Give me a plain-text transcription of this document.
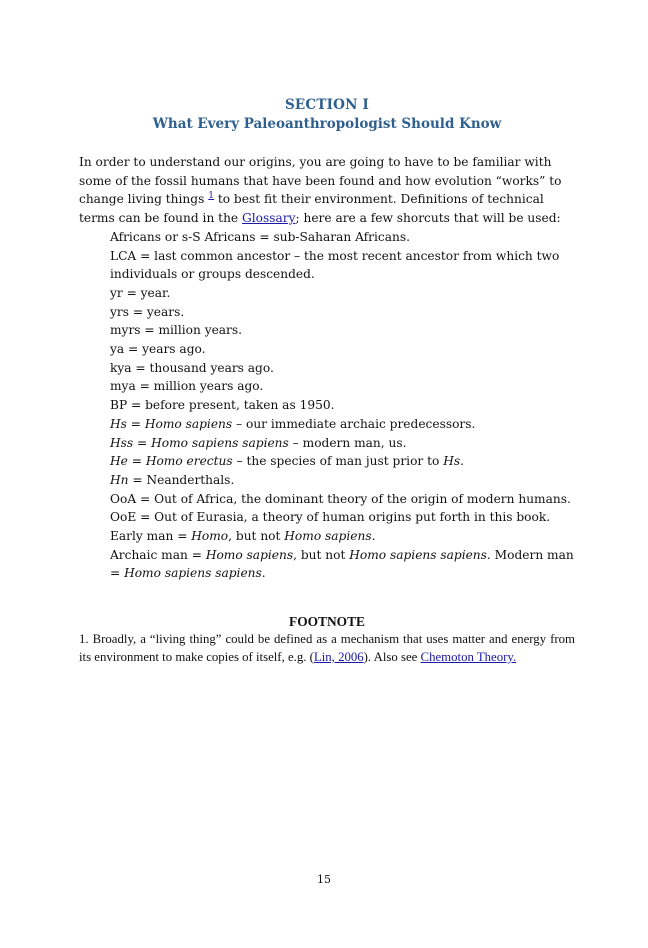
SECTION I
What Every Paleoanthropologist Should Know

In order to understand our origins, you are going to have to be familiar with some of the fossil humans that have been found and how evolution “works” to change living things $^1$ to best fit their environment. Definitions of technical terms can be found in the Glossary; here are a few shorcuts that will be used:

Africans or s-S Africans = sub-Saharan Africans.
LCA = last common ancestor – the most recent ancestor from which two individuals or groups descended.
yr = year.
yrs = years.
myrs = million years.
ya = years ago.
kya = thousand years ago.
mya = million years ago.
BP = before present, taken as 1950.
Hs = Homo sapiens – our immediate archaic predecessors.
Hss = Homo sapiens sapiens – modern man, us.
He = Homo erectus – the species of man just prior to Hs.
Hn = Neanderthals.
OoA = Out of Africa, the dominant theory of the origin of modern humans.
OoE = Out of Eurasia, a theory of human origins put forth in this book.
Early man = Homo, but not Homo sapiens.
Archaic man = Homo sapiens, but not Homo sapiens sapiens. Modern man = Homo sapiens sapiens.
FOOTNOTE

1. Broadly, a “living thing” could be defined as a mechanism that uses matter and energy from its environment to make copies of itself, e.g. (Lin, 2006). Also see Chemoton Theory.

15
